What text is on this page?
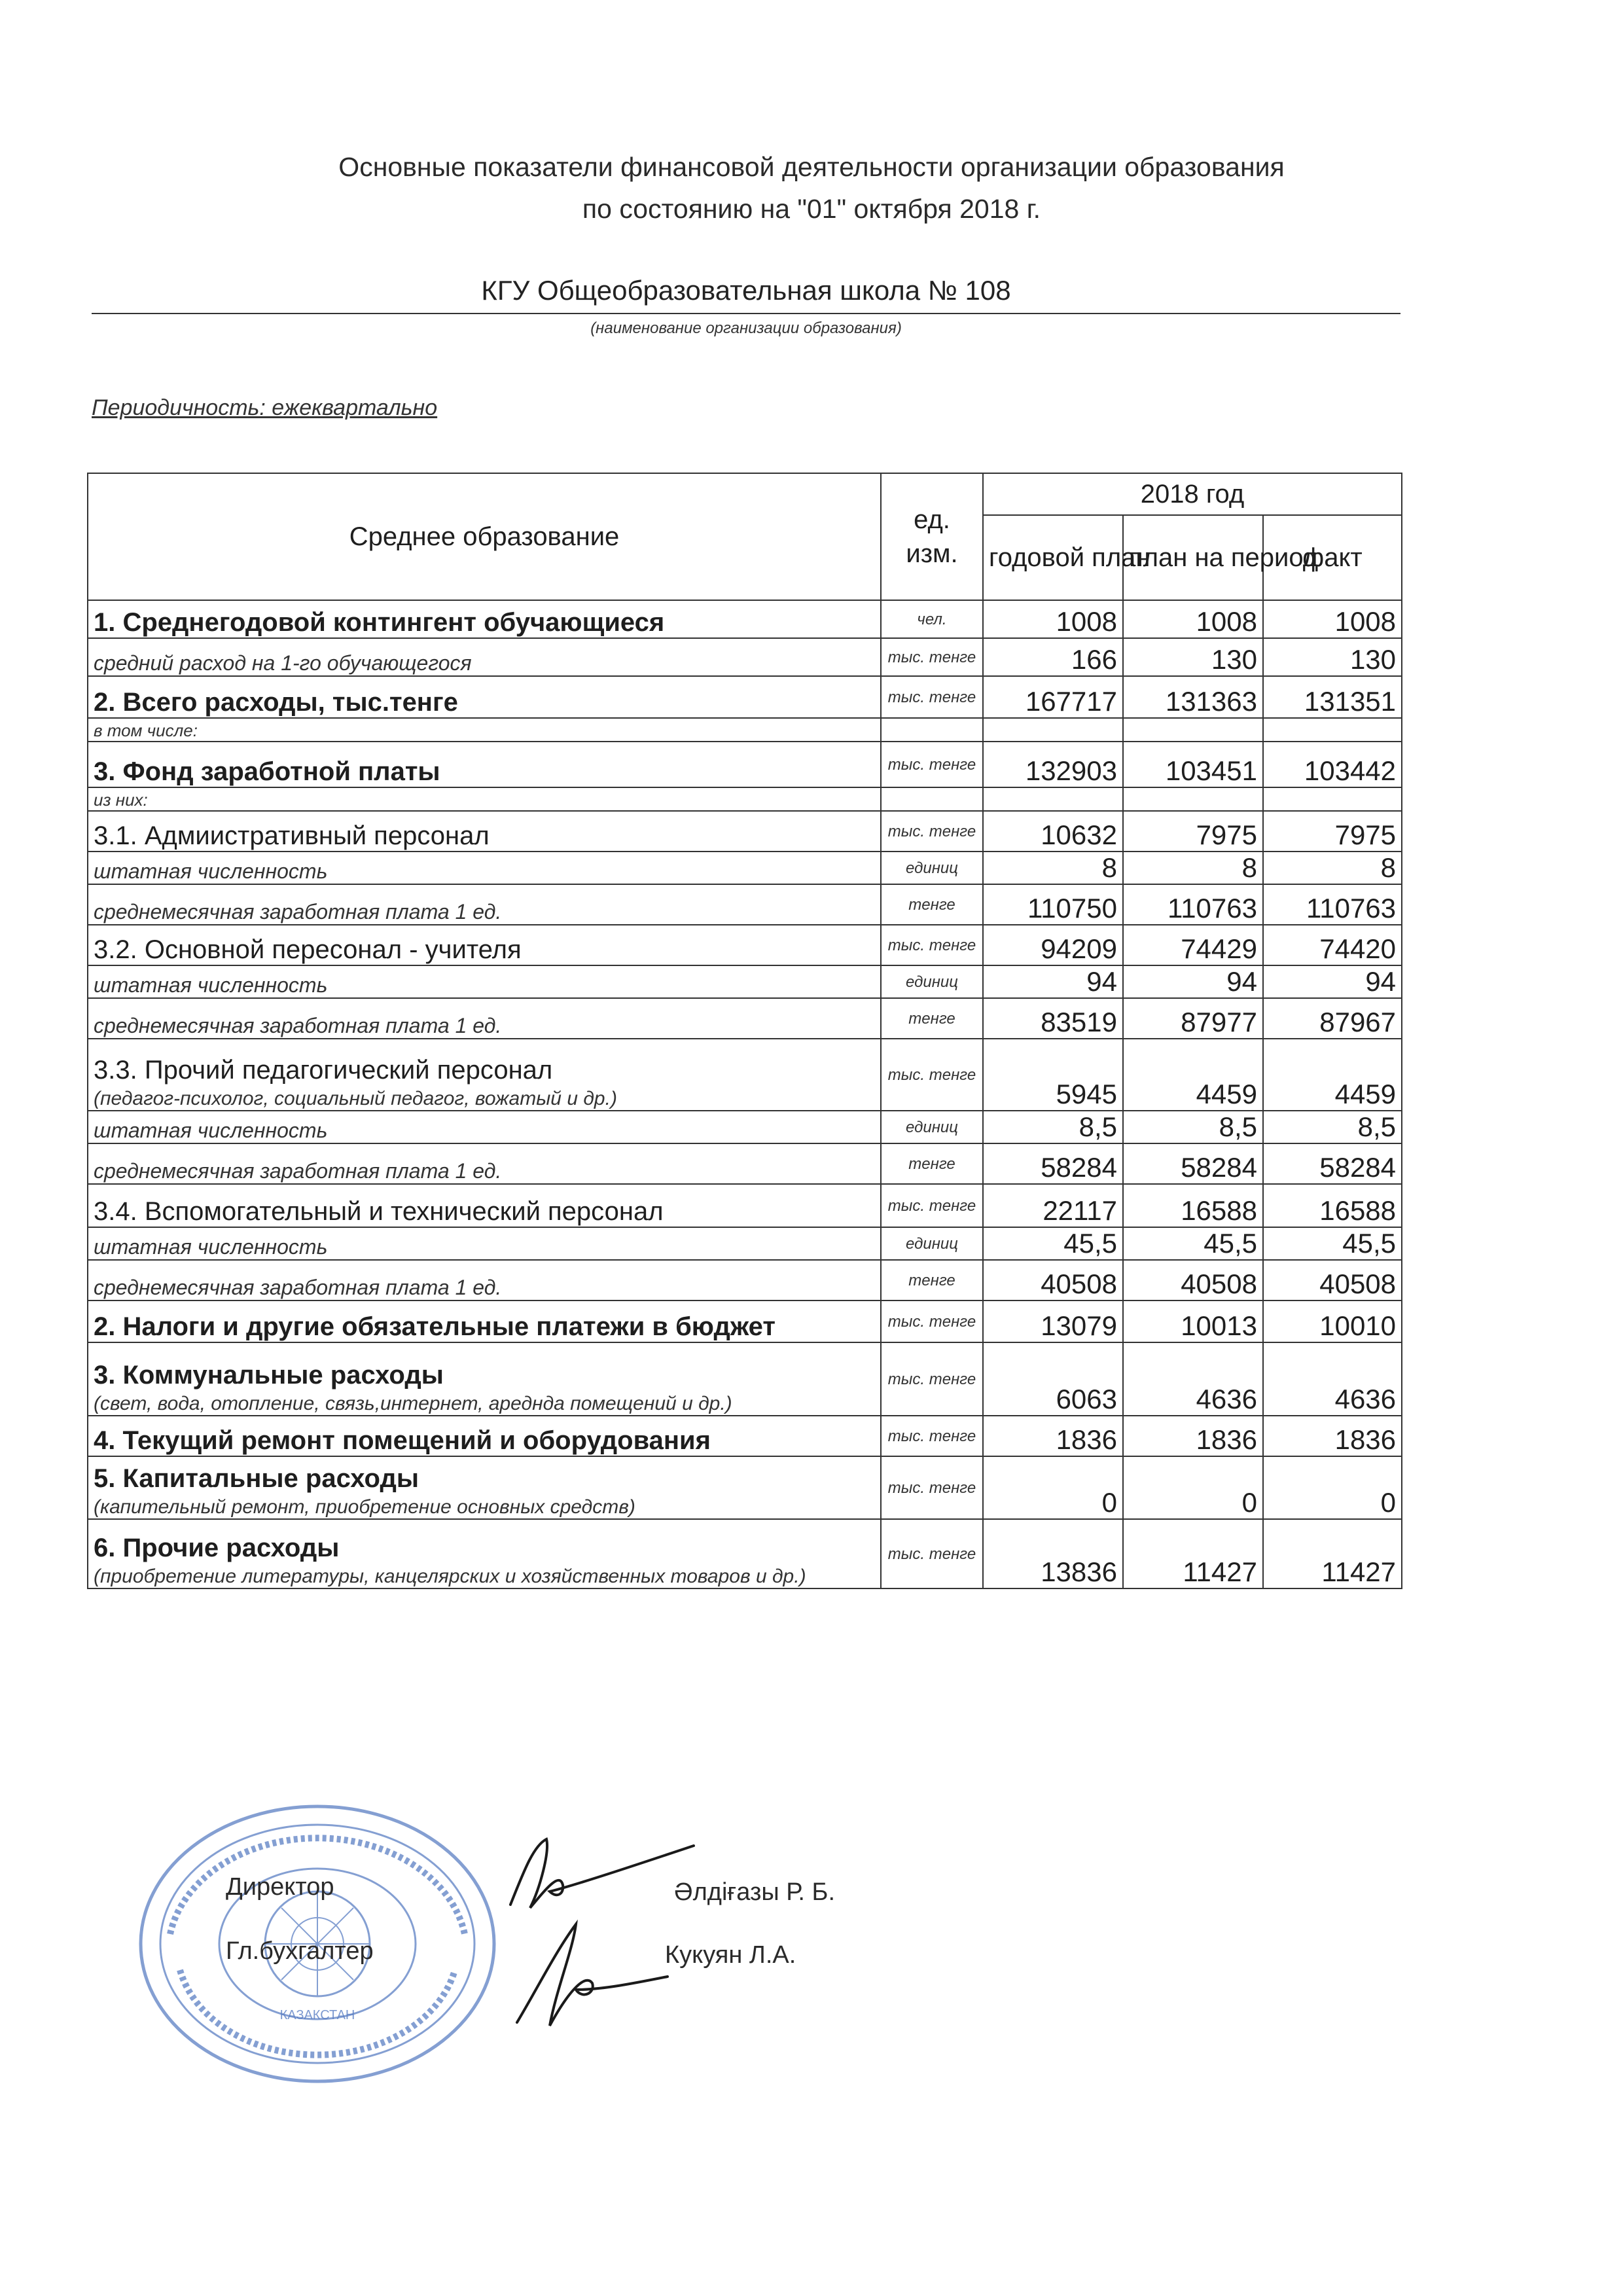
Основные показатели финансовой деятельности организации образования
по состоянию на "01" октября 2018 г.
КГУ Общеобразовательная школа № 108
(наименование организации образования)
Периодичность: ежеквартально
Среднее образование	ед. изм.	2018 год		
		годовой план	план на период	факт
1. Среднегодовой контингент обучающиеся	чел.	1008	1008	1008
средний расход на 1-го обучающегося	тыс. тенге	166	130	130
2. Всего расходы, тыс.тенге	тыс. тенге	167717	131363	131351
в том числе:				
3. Фонд заработной платы	тыс. тенге	132903	103451	103442
из них:				
3.1. Адмиистративный персонал	тыс. тенге	10632	7975	7975
штатная численность	единиц	8	8	8
среднемесячная заработная плата 1 ед.	тенге	110750	110763	110763
3.2. Основной пересонал - учителя	тыс. тенге	94209	74429	74420
штатная численность	единиц	94	94	94
среднемесячная заработная плата 1 ед.	тенге	83519	87977	87967
3.3. Прочий педагогический персонал
(педагог-психолог, социальный педагог, вожатый и др.)	тыс. тенге	5945	4459	4459
штатная численность	единиц	8,5	8,5	8,5
среднемесячная заработная плата 1 ед.	тенге	58284	58284	58284
3.4. Вспомогательный и технический персонал	тыс. тенге	22117	16588	16588
штатная численность	единиц	45,5	45,5	45,5
среднемесячная заработная плата 1 ед.	тенге	40508	40508	40508
2. Налоги и другие обязательные платежи в бюджет	тыс. тенге	13079	10013	10010
3. Коммунальные расходы
(свет, вода, отопление, связь,интернет, ареднда помещений и др.)	тыс. тенге	6063	4636	4636
4. Текущий ремонт помещений и оборудования	тыс. тенге	1836	1836	1836
5. Капитальные расходы
(капительный ремонт, приобретение основных средств)	тыс. тенге	0	0	0
6. Прочие расходы
(приобретение литературы, канцелярских и хозяйственных товаров и др.)	тыс. тенге	13836	11427	11427
КАЗАКСТАН
Директор
Гл.бухгалтер
Әлдіғазы Р. Б.
Кукуян Л.А.
